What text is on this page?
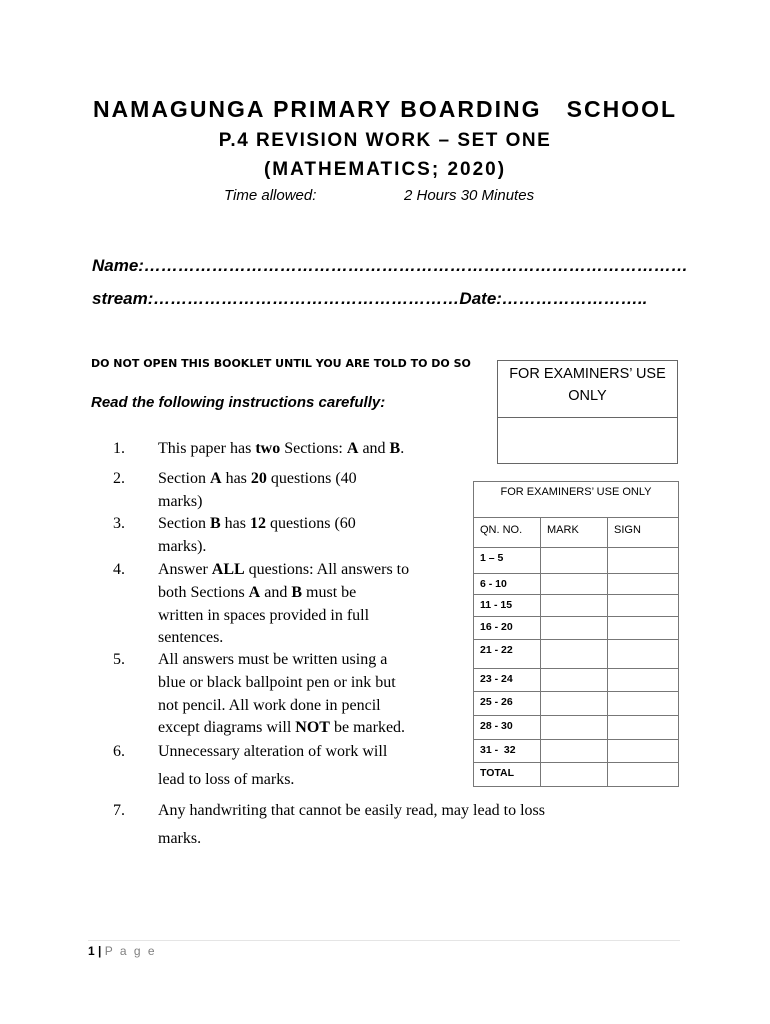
NAMAGUNGA PRIMARY BOARDING   SCHOOL
P.4 REVISION WORK – SET ONE
(MATHEMATICS; 2020)
Time allowed:	2 Hours 30 Minutes
Name:……………………………………………………………………………………
stream:………………………………………………Date:……………………..
DO NOT OPEN THIS BOOKLET UNTIL YOU ARE TOLD TO DO SO
Read the following instructions carefully:
FOR EXAMINERS’ USE
ONLY
1. This paper has two Sections: A and B.
2. Section A has 20 questions (40
marks)
3. Section B has 12 questions (60
marks).
4. Answer ALL questions: All answers to
both Sections A and B must be
written in spaces provided in full
sentences.
5. All answers must be written using a
blue or black ballpoint pen or ink but
not pencil. All work done in pencil
except diagrams will NOT be marked.
6. Unnecessary alteration of work will
lead to loss of marks.
7. Any handwriting that cannot be easily read, may lead to loss
marks.
FOR EXAMINERS’ USE ONLY		
QN. NO.	MARK	SIGN
1 – 5		
6 - 10		
11 - 15		
16 - 20		
21 - 22		
23 - 24		
25 - 26		
28 - 30		
31 -  32		
TOTAL		
1 | P a g e
